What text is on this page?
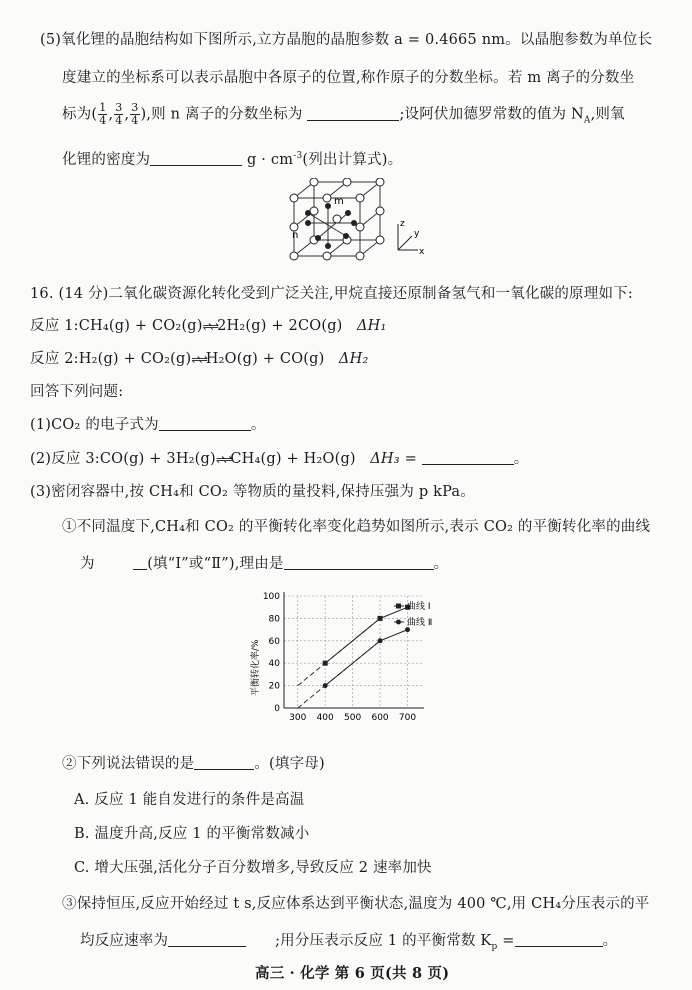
(5)氧化锂的晶胞结构如下图所示,立方晶胞的晶胞参数 a = 0.4665 nm。以晶胞参数为单位长
度建立的坐标系可以表示晶胞中各原子的位置,称作原子的分数坐标。若 m 离子的分数坐
标为( $\frac{1}{4}$ , $\frac{3}{4}$ , $\frac{3}{4}$ ),则 n 离子的分数坐标为	;设阿伏加德罗常数的值为 $N_A$,则氧
化锂的密度为	$g \cdot cm^{-3}$(列出计算式)。
m
n
z
y
x
16. (14 分)二氧化碳资源化转化受到广泛关注,甲烷直接还原制备氢气和一氧化碳的原理如下:
反应 1:CH₄(g) + CO₂(g)⇌⇌2H₂(g) + 2CO(g) ΔH₁
反应 2:H₂(g) + CO₂(g)⇌⇌H₂O(g) + CO(g) ΔH₂
回答下列问题:
(1)CO₂ 的电子式为	。
(2)反应 3:CO(g) + 3H₂(g)⇌⇌CH₄(g) + H₂O(g) ΔH₃ =	。
(3)密闭容器中,按 CH₄和 CO₂ 等物质的量投料,保持压强为 p kPa。
①不同温度下,CH₄和 CO₂ 的平衡转化率变化趋势如图所示,表示 CO₂ 的平衡转化率的曲线
为	(填“Ⅰ”或“Ⅱ”),理由是	。
平衡转化率/%
0
20
40
60
80
100
300 400 500 600 700
曲线 I
曲线 Ⅱ
②下列说法错误的是	。(填字母)
A. 反应 1 能自发进行的条件是高温
B. 温度升高,反应 1 的平衡常数减小
C. 增大压强,活化分子百分数增多,导致反应 2 速率加快
③保持恒压,反应开始经过 t s,反应体系达到平衡状态,温度为 400 ℃,用 CH₄分压表示的平
均反应速率为	;用分压表示反应 1 的平衡常数 $K_p$ =	。
高三 · 化学 第 6 页(共 8 页)
